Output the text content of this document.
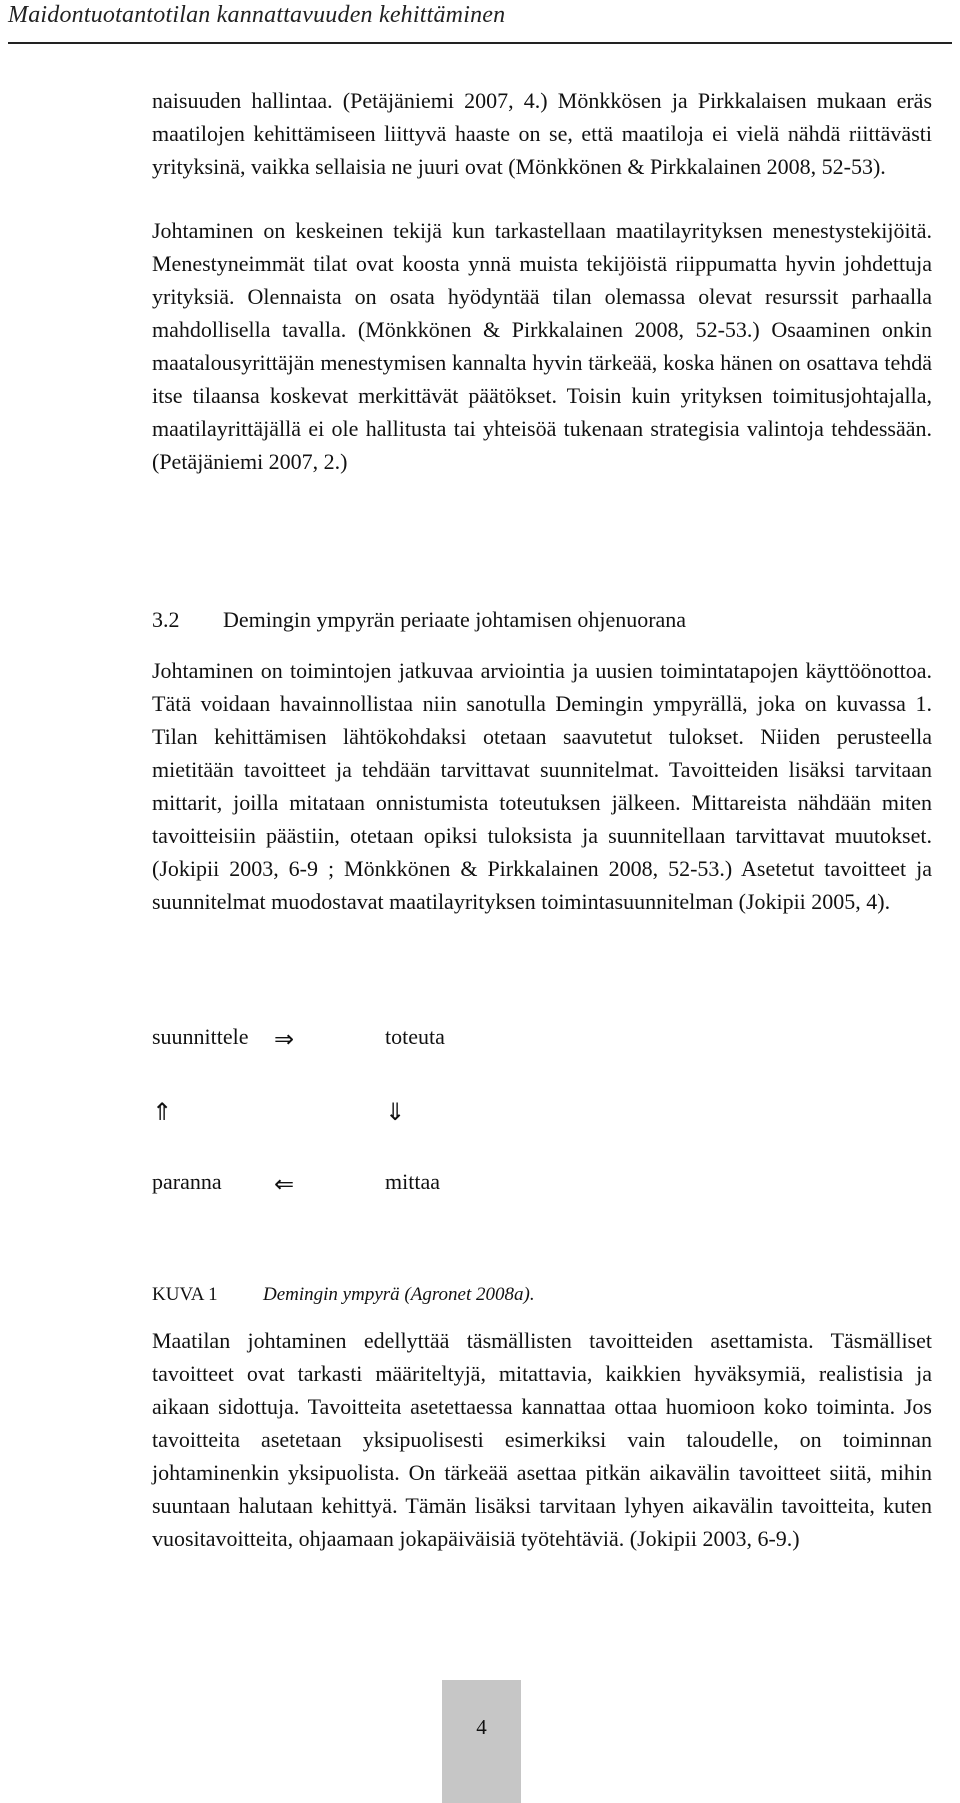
Maidontuotantotilan kannattavuuden kehittäminen

naisuuden hallintaa. (Petäjäniemi 2007, 4.) Mönkkösen ja Pirkkalaisen mukaan eräs maatilojen kehittämiseen liittyvä haaste on se, että maatiloja ei vielä nähdä riittävästi yrityksinä, vaikka sellaisia ne juuri ovat (Mönkkönen & Pirkkalainen 2008, 52-53).

Johtaminen on keskeinen tekijä kun tarkastellaan maatilayrityksen menestystekijöitä. Menestyneimmät tilat ovat koosta ynnä muista tekijöistä riippumatta hyvin johdettuja yrityksiä. Olennaista on osata hyödyntää tilan olemassa olevat resurssit parhaalla mahdollisella tavalla. (Mönkkönen & Pirkkalainen 2008, 52-53.) Osaaminen onkin maatalousyrittäjän menestymisen kannalta hyvin tärkeää, koska hänen on osattava tehdä itse tilaansa koskevat merkittävät päätökset. Toisin kuin yrityksen toimitusjohtajalla, maatilayrittäjällä ei ole hallitusta tai yhteisöä tukenaan strategisia valintoja tehdessään. (Petäjäniemi 2007, 2.)

3.2 Demingin ympyrän periaate johtamisen ohjenuorana

Johtaminen on toimintojen jatkuvaa arviointia ja uusien toimintatapojen käyttöönottoa. Tätä voidaan havainnollistaa niin sanotulla Demingin ympyrällä, joka on kuvassa 1. Tilan kehittämisen lähtökohdaksi otetaan saavutetut tulokset. Niiden perusteella mietitään tavoitteet ja tehdään tarvittavat suunnitelmat. Tavoitteiden lisäksi tarvitaan mittarit, joilla mitataan onnistumista toteutuksen jälkeen. Mittareista nähdään miten tavoitteisiin päästiin, otetaan opiksi tuloksista ja suunnitellaan tarvittavat muutokset. (Jokipii 2003, 6-9 ; Mönkkönen & Pirkkalainen 2008, 52-53.) Asetetut tavoitteet ja suunnitelmat muodostavat maatilayrityksen toimintasuunnitelman (Jokipii 2005, 4).

suunnittele ⇒	toteuta
⇑	⇓
paranna ⇐	mittaa
KUVA 1 Demingin ympyrä (Agronet 2008a).

Maatilan johtaminen edellyttää täsmällisten tavoitteiden asettamista. Täsmälliset tavoitteet ovat tarkasti määriteltyjä, mitattavia, kaikkien hyväksymiä, realistisia ja aikaan sidottuja. Tavoitteita asetettaessa kannattaa ottaa huomioon koko toiminta. Jos tavoitteita asetetaan yksipuolisesti esimerkiksi vain taloudelle, on toiminnan johtaminenkin yksipuolista. On tärkeää asettaa pitkän aikavälin tavoitteet siitä, mihin suuntaan halutaan kehittyä. Tämän lisäksi tarvitaan lyhyen aikavälin tavoitteita, kuten vuositavoitteita, ohjaamaan jokapäiväisiä työtehtäviä. (Jokipii 2003, 6-9.)

4
